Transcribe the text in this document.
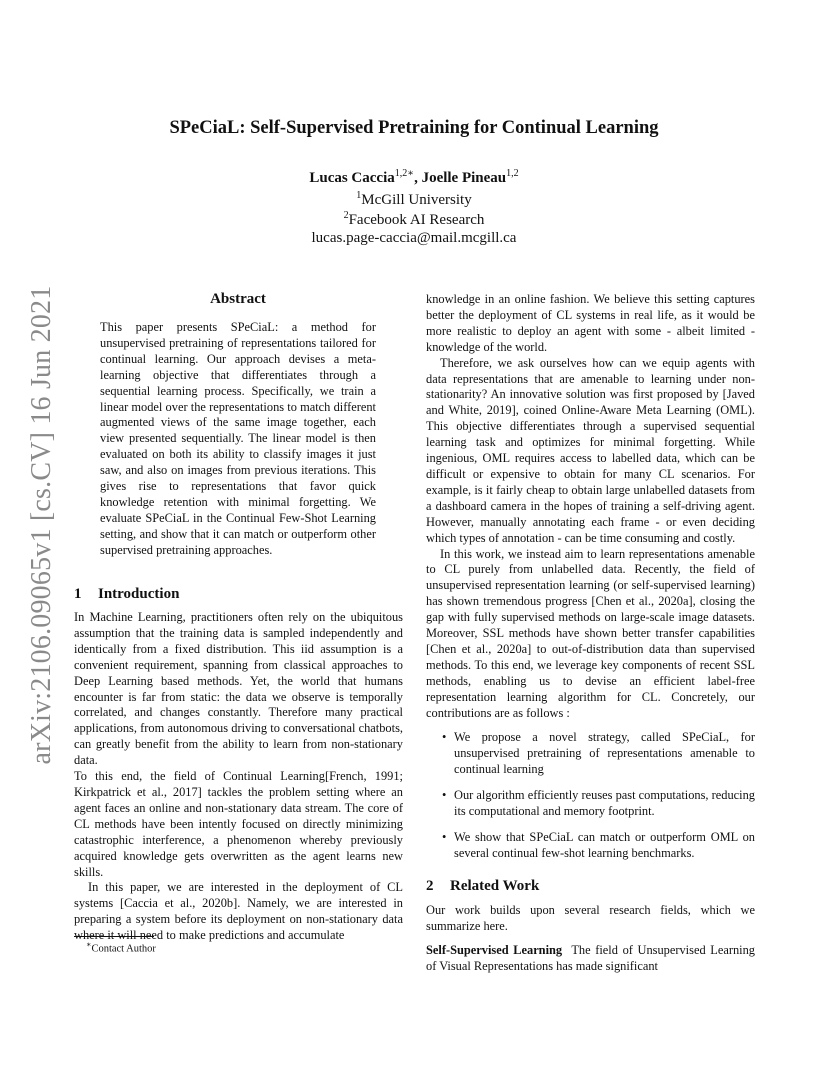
arXiv:2106.09065v1 [cs.CV] 16 Jun 2021
SPeCiaL: Self-Supervised Pretraining for Continual Learning
Lucas Caccia$^{1,2∗}$, Joelle Pineau$^{1,2}$
$^1$McGill University
$^2$Facebook AI Research
lucas.page-caccia@mail.mcgill.ca
Abstract

This paper presents SPeCiaL: a method for unsupervised pretraining of representations tailored for continual learning. Our approach devises a meta-learning objective that differentiates through a sequential learning process. Specifically, we train a linear model over the representations to match different augmented views of the same image together, each view presented sequentially. The linear model is then evaluated on both its ability to classify images it just saw, and also on images from previous iterations. This gives rise to representations that favor quick knowledge retention with minimal forgetting. We evaluate SPeCiaL in the Continual Few-Shot Learning setting, and show that it can match or outperform other supervised pretraining approaches.

1 Introduction

In Machine Learning, practitioners often rely on the ubiquitous assumption that the training data is sampled independently and identically from a fixed distribution. This iid assumption is a convenient requirement, spanning from classical approaches to Deep Learning based methods. Yet, the world that humans encounter is far from static: the data we observe is temporally correlated, and changes constantly. Therefore many practical applications, from autonomous driving to conversational chatbots, can greatly benefit from the ability to learn from non-stationary data.

To this end, the field of Continual Learning[French, 1991; Kirkpatrick et al., 2017] tackles the problem setting where an agent faces an online and non-stationary data stream. The core of CL methods have been intently focused on directly minimizing catastrophic interference, a phenomenon whereby previously acquired knowledge gets overwritten as the agent learns new skills.

In this paper, we are interested in the deployment of CL systems [Caccia et al., 2020b]. Namely, we are interested in preparing a system before its deployment on non-stationary data where it will need to make predictions and accumulate

∗Contact Author

knowledge in an online fashion. We believe this setting captures better the deployment of CL systems in real life, as it would be more realistic to deploy an agent with some - albeit limited - knowledge of the world.

Therefore, we ask ourselves how can we equip agents with data representations that are amenable to learning under non-stationarity? An innovative solution was first proposed by [Javed and White, 2019], coined Online-Aware Meta Learning (OML). This objective differentiates through a supervised sequential learning task and optimizes for minimal forgetting. While ingenious, OML requires access to labelled data, which can be difficult or expensive to obtain for many CL scenarios. For example, is it fairly cheap to obtain large unlabelled datasets from a dashboard camera in the hopes of training a self-driving agent. However, manually annotating each frame - or even deciding which types of annotation - can be time consuming and costly.

In this work, we instead aim to learn representations amenable to CL purely from unlabelled data. Recently, the field of unsupervised representation learning (or self-supervised learning) has shown tremendous progress [Chen et al., 2020a], closing the gap with fully supervised methods on large-scale image datasets. Moreover, SSL methods have shown better transfer capabilities [Chen et al., 2020a] to out-of-distribution data than supervised methods. To this end, we leverage key components of recent SSL methods, enabling us to devise an efficient label-free representation learning algorithm for CL. Concretely, our contributions are as follows :

• We propose a novel strategy, called SPeCiaL, for unsupervised pretraining of representations amenable to continual learning
• Our algorithm efficiently reuses past computations, reducing its computational and memory footprint.
• We show that SPeCiaL can match or outperform OML on several continual few-shot learning benchmarks.
2 Related Work

Our work builds upon several research fields, which we summarize here.

Self-Supervised Learning The field of Unsupervised Learning of Visual Representations has made significant
